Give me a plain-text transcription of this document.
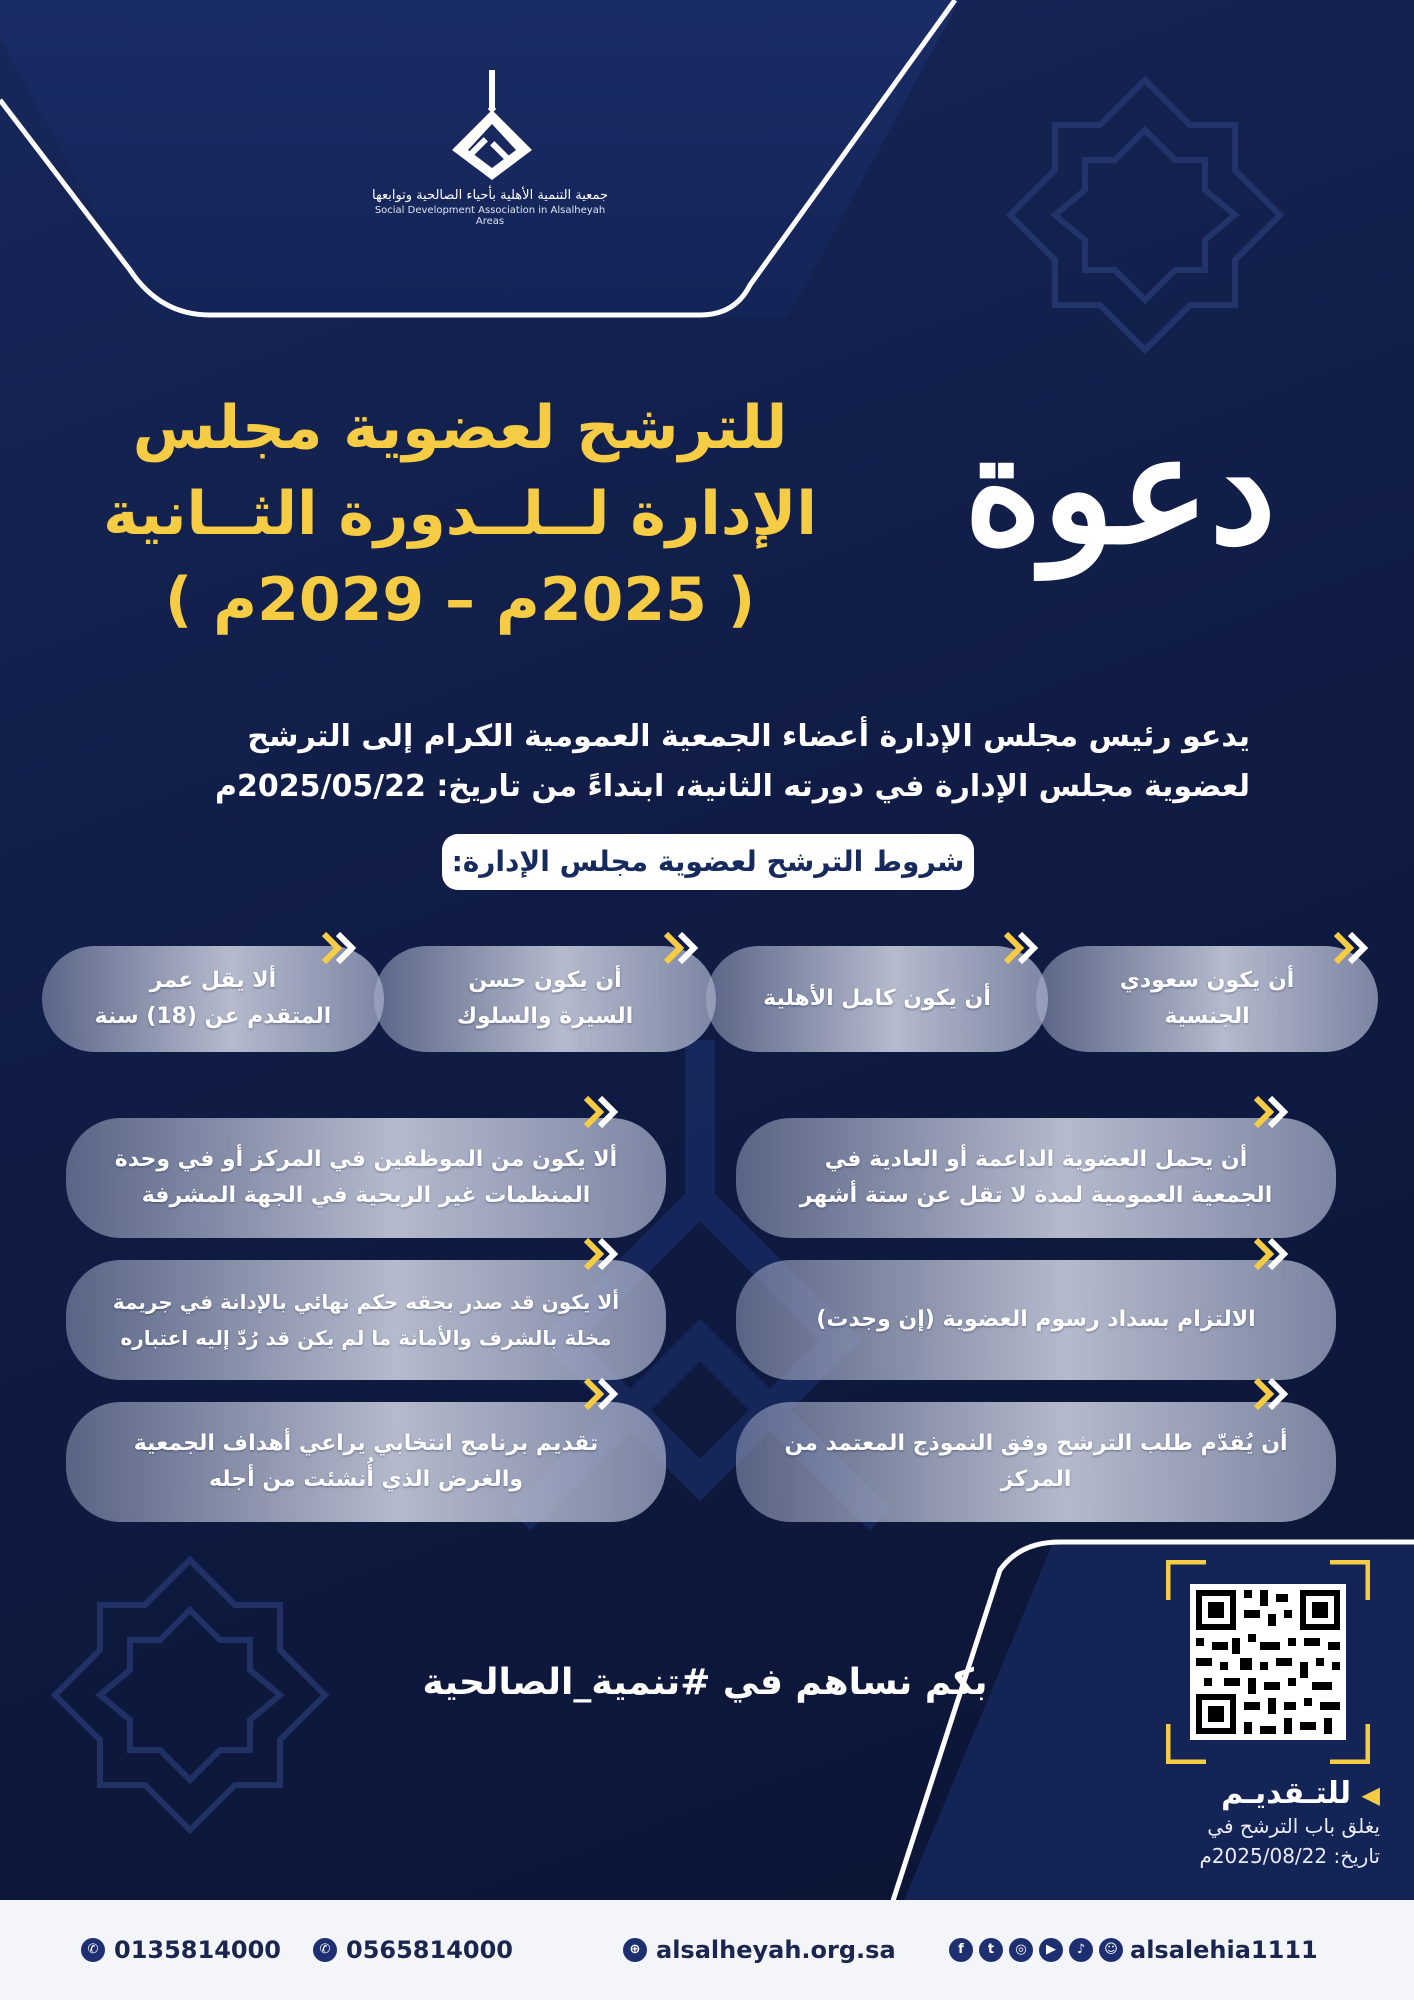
جمعية التنمية الأهلية بأحياء الصالحية وتوابعها
Social Development Association in Alsalheyah Areas
للترشح لعضوية مجلس
الإدارة لــلــدورة الثــانية
( 2025م – 2029م )
دعوة
يدعو رئيس مجلس الإدارة أعضاء الجمعية العمومية الكرام إلى الترشح
لعضوية مجلس الإدارة في دورته الثانية، ابتداءً من تاريخ: 2025/05/22م
شروط الترشح لعضوية مجلس الإدارة:
أن يكون سعودي
الجنسية
أن يكون كامل الأهلية
أن يكون حسن
السيرة والسلوك
ألا يقل عمر
المتقدم عن (18) سنة
أن يحمل العضوية الداعمة أو العادية في
الجمعية العمومية لمدة لا تقل عن ستة أشهر
الالتزام بسداد رسوم العضوية (إن وجدت)
أن يُقدّم طلب الترشح وفق النموذج المعتمد من
المركز
ألا يكون من الموظفين في المركز أو في وحدة
المنظمات غير الربحية في الجهة المشرفة
ألا يكون قد صدر بحقه حكم نهائي بالإدانة في جريمة
مخلة بالشرف والأمانة ما لم يكن قد رُدّ إليه اعتباره
تقديم برنامج انتخابي يراعي أهداف الجمعية
والغرض الذي أُنشئت من أجله
بكم نساهم في #تنمية_الصالحية
◀ للتـقديـم
يغلق باب الترشح في
تاريخ: 2025/08/22م
f	t	◎	▶	♪	☺ alsalehia1111
⊕ alsalheyah.org.sa
✆ 0565814000
✆ 0135814000
